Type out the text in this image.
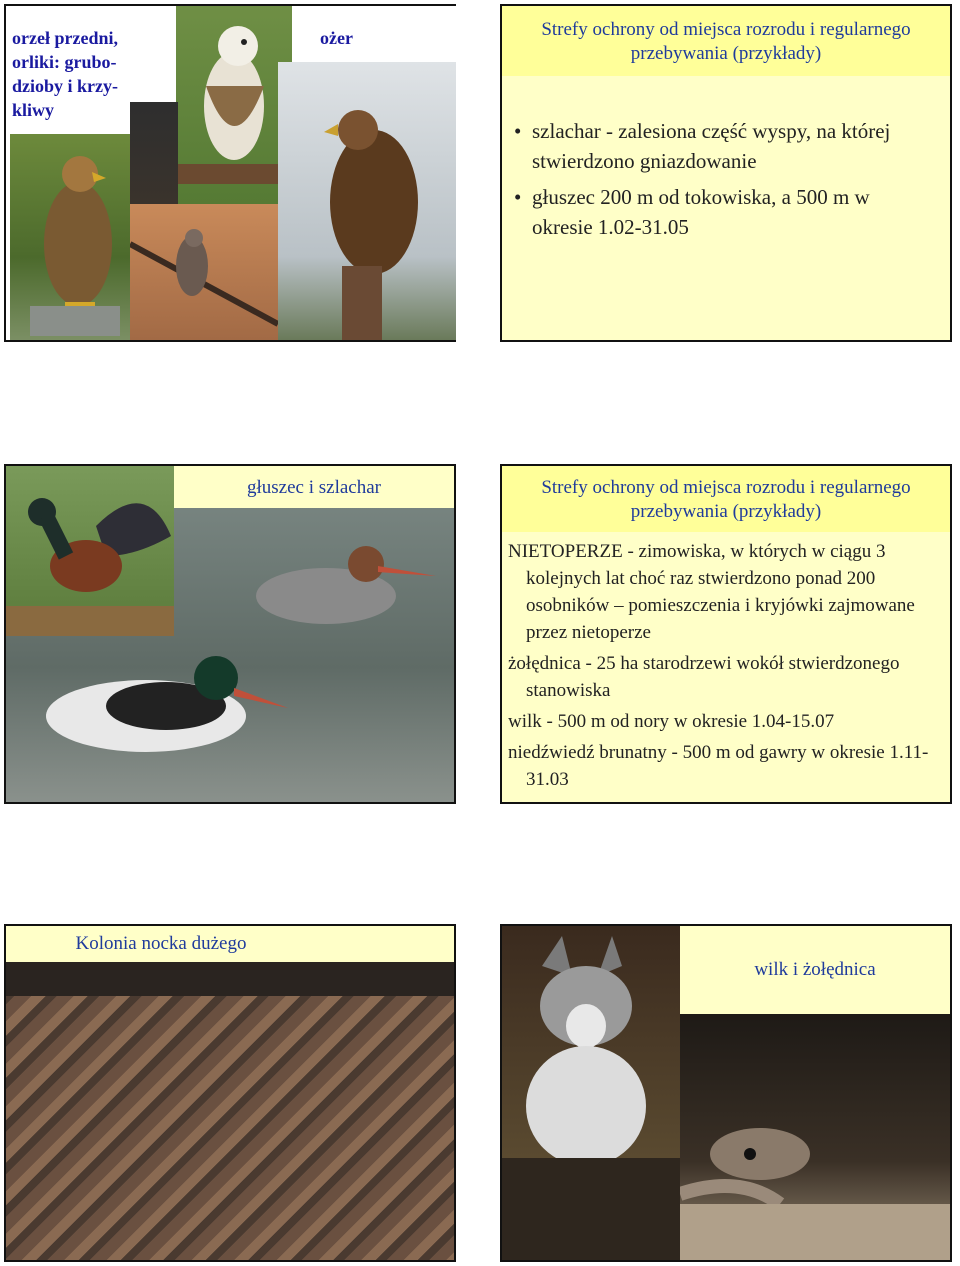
orzeł przedni, orliki: grubo-dzioby i krzy-kliwy
ożer	Strefy ochrony od miejsca rozrodu i regularnego przebywania (przykłady)
• szlachar - zalesiona część wyspy, na której stwierdzono gniazdowanie
• głuszec 200 m od tokowiska, a 500 m w okresie 1.02-31.05
głuszec i szlachar	Strefy ochrony od miejsca rozrodu i regularnego przebywania (przykłady)

NIETOPERZE - zimowiska, w których w ciągu 3 kolejnych lat choć raz stwierdzono ponad 200 osobników – pomieszczenia i kryjówki zajmowane przez nietoperze

żołędnica - 25 ha starodrzewi wokół stwierdzonego stanowiska

wilk - 500 m od nory w okresie 1.04-15.07

niedźwiedź brunatny - 500 m od gawry w okresie 1.11-31.03

Kolonia nocka dużego
wilk i żołędnica
